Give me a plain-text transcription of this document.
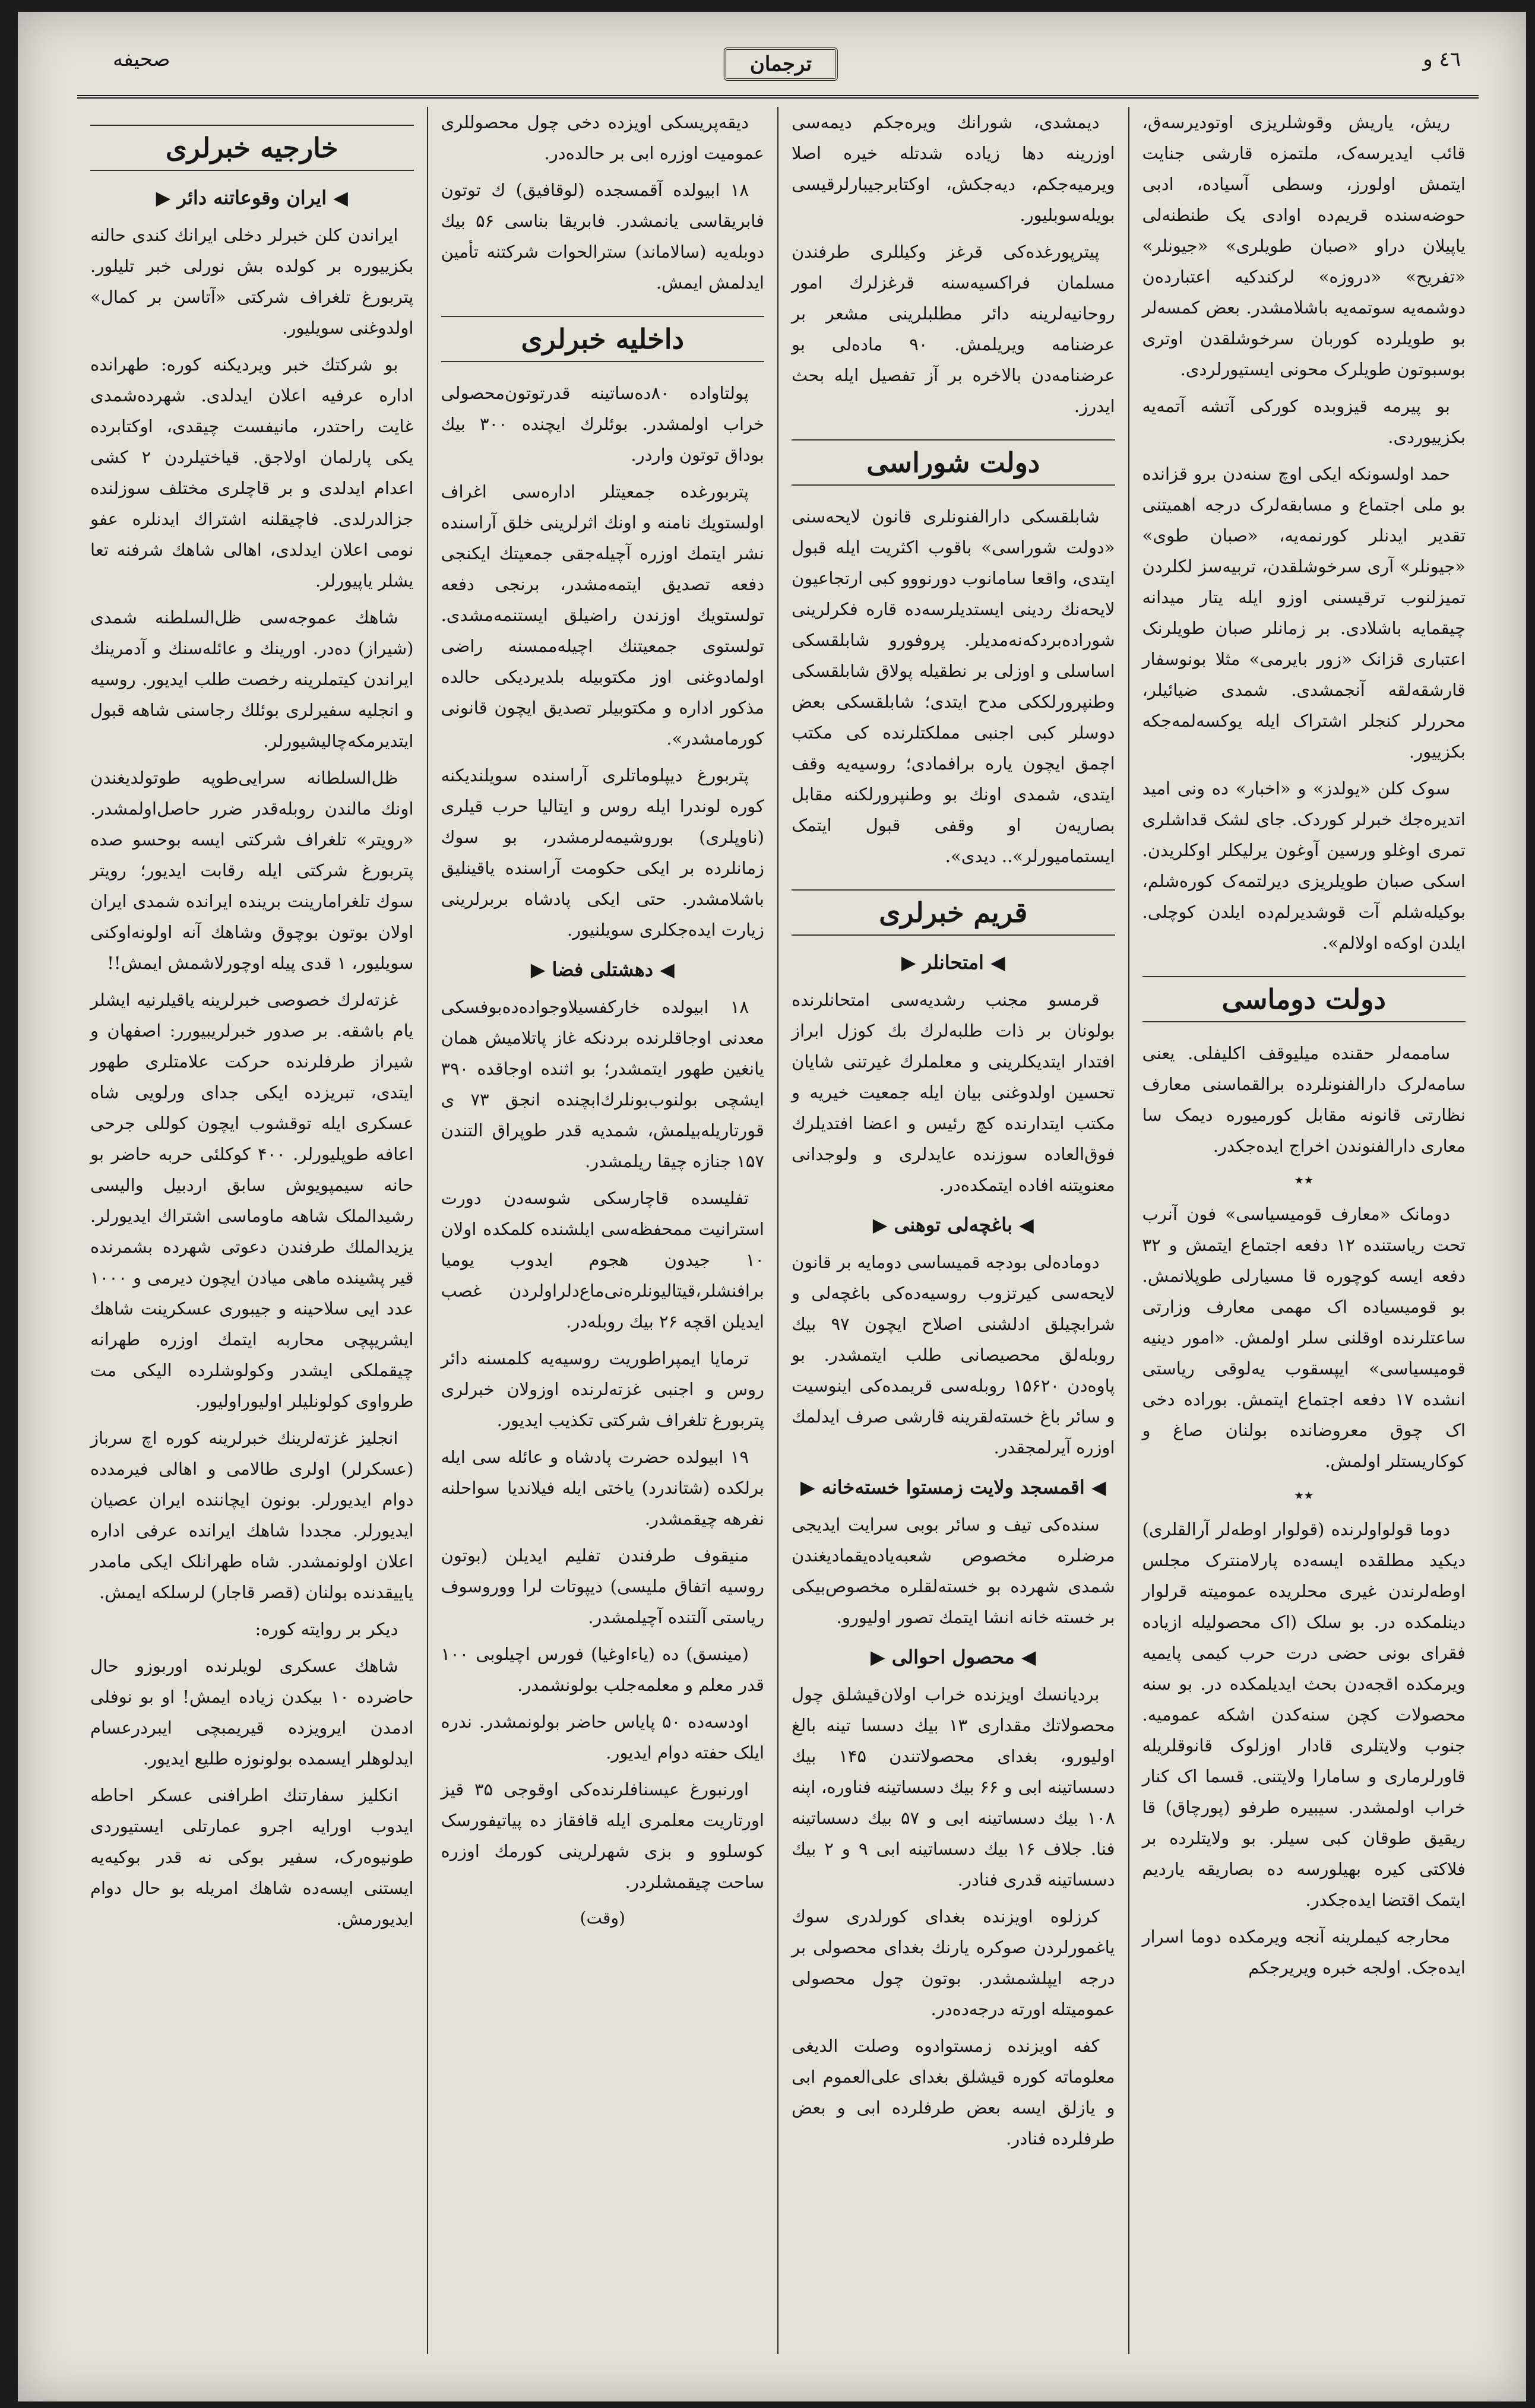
٤٦ و
ترجمان
صحيفه
ریش، یاریش وقوشلریزی اوتودیرسه‌ق، قائب ایدیرسه‌ک، ملتمزه قارشی جنایت ایتمش اولورز، وسطی آسیاده، ادبی حوضه‌سنده قریم‌ده اوادی یک طنطنه‌لی یاپیلان دراو «صبان طویلری» «جیونلر» «تفریح» «دروزه» لرکندکیه اعتبارده‌ن دوشمه‌یه سوتمه‌یه باشلامشدر. بعض کمسه‌لر بو طویلرده کوربان سرخوشلقدن اوتری بوسبوتون طویلرک محونی ایستیورلردی.
بو پیرمه قیزوبده کورکی آتشه آتمه‌یه بکزییوردی.
حمد اولسونکه ایکی اوچ سنه‌دن برو قزانده بو ملی اجتماع و مسابقه‌لرک درجه اهمیتنی تقدیر ایدنلر کورنمه‌یه، «صبان طوی» «جیونلر» آری سرخوشلقدن، تربیه‌سز لکلردن تمیزلنوب ترقیسنی اوزو ایله یتار میدانه چیقمایه باشلادی. بر زمانلر صبان طویلرنک اعتباری قزانک «زور بایرمی» مثلا بونوسفار قارشقه‌لقه آنجمشدی. شمدی ضیائیلر، محررلر کنجلر اشتراک ایله یوکسه‌لمه‌جکه بکزییور.
سوک کلن «یولدز» و «اخبار» ده ونی اميد اتدیره‌جك خبرلر کوردک. جای لشک قداشلری تمری اوغلو ورسین آوغون یرلیکلر اوکلریدن. اسکی صبان طویلریزی دیرلتمه‌ک کوره‌شلم، بوکیله‌شلم آت قوشدیرلم‌ده ایلدن کوچلی. ایلدن اوکه‌ه اولالم».
دولت دوماسی
ساممه‌لر حقنده میلیوقف اکلیفلی. یعنی سامه‌لرک دارالفنونلرده برالقماسنی معارف نظارتی قانونه مقابل کورمیوره دیمک سا معاری دارالفنوندن اخراج ایده‌جکدر.
٭٭
دومانک «معارف قومیسیاسی» فون آنرب تحت ریاستنده ۱۲ دفعه اجتماع ایتمش و ۳۲ دفعه ایسه کوچوره قا مسیارلی طوپلانمش. بو قومیسیاده اک مهمی معارف وزارتی ساعتلرنده اوقلنی سلر اولمش. «امور دینیه قومیسیاسی» ایپسقوب یه‌لوقی ریاستی انشده ۱۷ دفعه اجتماع ایتمش. بوراده دخی اک چوق معروضانده بولنان صاغ و کوکاریستلر اولمش.
٭٭
دوما قولواولرنده (قولوار اوطه‌لر آرالقلری) دیکید مطلقده ایسه‌ده پارلامنترک مجلس اوطه‌لرندن غیری محلریده عمومیته قرلوار دینلمکده در. بو سلک (اک محصولیله ازیاده فقرای بونی حضی درت حرب کیمی پایمیه ویرمکده اقجه‌دن بحث ایدیلمکده در. بو سنه محصولات کچن سنه‌کدن اشکه عمومیه. جنوب ولایتلری قادار اوزلوک قانوقلریله قاورلرماری و سامارا ولایتنی. قسما اک کنار خراب اولمشدر. سیبیره طرفو (پورچاق) قا ریقیق طوقان کبی سیلر. بو ولایتلرده بر فلاکتی کیره بهیلورسه ده بصاریقه یاردیم ایتمک اقتضا ایده‌جکدر.
محارجه کیملرینه آنجه ویرمکده دوما اسرار ایده‌جک. اولجه خبره ویریرجکم
دیمشدی، شورانك ویره‌جكم دیمه‌سی اوزرینه دها زیاده شدتله خیره اصلا ویرمیه‌جکم، دیه‌جکش، اوکتابرجیبارلرقیسی بویله‌سوبلیور.
پیترپورغده‌کی قرغز وکیللری طرفندن مسلمان فراکسیه‌سنه قرغزلرك امور روحانیه‌لرینه دائر مطلبلرینی مشعر بر عرضنامه ویریلمش. ۹۰ ماده‌لی بو عرضنامه‌دن بالاخره بر آز تفصیل ایله بحث ایدرز.
دولت شوراسی
شابلقسکی دارالفنونلری قانون لایحه‌سنی «دولت شوراسی» باقوب اکثریت ایله قبول ایتدی، واقعا سامانوب دورنووو کبی ارتجاعیون لایحه‌نك ردینی ایستدیلرسه‌ده قاره فکرلرینی شوراده‌بردکه‌نه‌مدیلر. پروفورو شابلقسکی اساسلی و اوزلی بر نطقیله پولاق شابلقسکی وطنپرورلککی مدح ایتدی؛ شابلقسکی بعض دوسلر کبی اجنبی مملکتلرنده کی مکتب اچمق ایچون یاره برافمادی؛ روسیه‌یه وقف ایتدی، شمدی اونك بو وطنپرورلکنه مقابل بصاریه‌ن او وقفی قبول ایتمک ایستمامیورلر».. دیدی».
قریم خبرلری
◀ امتحانلر ▶
قرمسو مجنب رشدیه‌سی امتحانلرنده بولونان بر ذات طلبه‌لرك بك کوزل ابراز افتدار ایتدیکلرینی و معلملرك غیرتنی شایان تحسین اولدوغنی بیان ایله جمعیت خیریه و مکتب ایتدارنده کچ رئیس و اعضا افتدیلرك فوق‌العاده سوزنده عایدلری و ولوجدانی معنویتنه افاده ایتمکده‌در.
◀ باغچه‌لی توهنی ▶
دوماده‌لی بودجه قمیساسی دومایه بر قانون لایحه‌سی کیرتزوب روسیه‌ده‌کی باغچه‌لی و شرابچیلق ادلشنی اصلاح ایچون ۹۷ بیك روبله‌لق محصیصانی طلب ایتمشدر. بو پاوه‌دن ۱۵۶۲۰ روبله‌سی قریمده‌کی اینوسیت و سائر باغ خسته‌لقرینه قارشی صرف ایدلمك اوزره آیرلمجقدر.
◀ اقمسجد ولایت زمستوا خسته‌خانه ▶
سنده‌کی تیف و سائر بوبی سرایت ایدیجی مرضلره مخصوص شعبه‌یاده‌یقمادیغندن شمدی شهرده بو خسته‌لقلره مخصوص‌بیکی بر خسته خانه انشا ایتمك تصور اولیورو.
◀ محصول احوالی ▶
بردیانسك اویزنده خراب اولان‌قیشلق چول محصولاتك مقداری ۱۳ بیك دسسا تینه بالغ اولیورو، بغدای محصولاتندن ۱۴۵ بیك دسساتینه ابی و ۶۶ بیك دسساتینه فناوره، اپنه ۱۰۸ بیك دسساتینه ابی و ۵۷ بیك دسساتینه فنا. جلاف ۱۶ بیك دسساتینه ابی ۹ و ۲ بیك دسساتینه قدری فنادر.
کرزلوه اویزنده بغدای کورلدری سوك یاغمورلردن صوکره یارنك بغدای محصولی بر درجه ایپلشمشدر. بوتون چول محصولی عمومیتله اورته درجه‌ده‌در.
کفه اویزنده زمستوادوه وصلت الدیغی معلوماته کوره قیشلق بغدای علی‌العموم ابی و یازلق ایسه بعض طرفلرده ابی و بعض طرفلرده فنادر.
دیقه‌پریسکی اویزده دخی چول محصوللری عمومیت اوزره ابی بر حالده‌در.
۱۸ ابیولده آقمسجده (لوقافیق) ك توتون فابریقاسی یانمشدر. فابریقا بناسی ۵۶ بیك دوبله‌یه (سالاماند) سترالحوات شرکتنه تأمین ایدلمش ایمش.
داخلیه خبرلری
پولتاواده ۸۰ده‌ساتینه قدرتوتون‌محصولی خراب اولمشدر. بوئلرك ایچنده ۳۰۰ بیك بوداق توتون واردر.
پتربورغده جمعیتلر اداره‌سی اغراف اولستویك نامنه و اونك اثرلرینی خلق آراسنده نشر ایتمك اوزره آچیله‌جقی جمعیتك ایکنجی دفعه تصدیق ایتمه‌مشدر، برنجی دفعه تولستویك اوزندن راضیلق ایستنمه‌مشدی. تولستوی جمعیتنك اچیله‌ممسنه راضی اولمادوغنی اوز مکتوبیله بلدیردیکی حالده مذکور اداره و مکتوبیلر تصدیق ایچون قانونی کورمامشدر».
پتربورغ دیپلوماتلری آراسنده سویلندیکنه کوره لوندرا ایله روس و ایتالیا حرب قیلری (ناوپلری) بوروشیمه‌لرمشدر، بو سوك زمانلرده بر ایکی حکومت آراسنده یاقینلیق باشلامشدر. حتی ایکی پادشاه بربرلرینی زیارت ایده‌جکلری سویلنیور.
◀ دهشتلی فضا ▶
۱۸ ابیولده خارکفسیلاوجواده‌ده‌بوفسکی معدنی اوجاقلرنده بردنکه غاز پاتلامیش همان یانغین طهور ایتمشدر؛ بو اثنده اوجاقده ۳۹۰ ایشچی بولنوب‌بونلرك‌ابچنده انجق ۷۳ ی قورتاریله‌بیلمش، شمدیه قدر طوپراق التندن ۱۵۷ جنازه چیقا ریلمشدر.
تفلیسده قاچارسکی شوسه‌دن دورت استرانیت ممحفظه‌سی ایلشنده کلمکده اولان ۱۰ جیدون هجوم ایدوب یومیا برافنشلر،قیتالیونلره‌نی‌ماع‌دلراولردن غصب ایدیلن اقچه ۲۶ بیك روبله‌در.
ترمایا ایمپراطوریت روسیه‌یه کلمسنه دائر روس و اجنبی غزته‌لرنده اوزولان خبرلری پتربورغ تلغراف شرکتی تکذیب ایدیور.
۱۹ ابیولده حضرت پادشاه و عائله‌ سی ایله برلکده (شتاندرد) یاختی ایله فیلاندیا سواحلنه نفرهه چیقمشدر.
منیقوف طرفندن تفلیم ایدیلن (بوتون روسیه اتفاق ملیسی) دیپوتات لرا ووروسوف ریاستی آلتنده آچیلمشدر.
(مینسق) ده (یاءاوغیا) فورس اچیلوبی ۱۰۰ قدر معلم و معلمه‌جلب بولونشمدر.
اودسه‌ده‌ ۵۰ پایاس حاضر بولونمشدر. ندره ایلک حفته دوام ایدیور.
اورنبورغ عیسنافلرنده‌کی اوقوجی ۳۵ قیز اورتاریت معلمری ایله قافقاز ده پیاتیفورسک کوسلوو و بزی شهرلرینی کورمك اوزره ساحت چیقمشلردر.
(وقت)
خارجیه خبرلری
◀ ایران وقوعاتنه دائر ▶
ایراندن کلن خبرلر دخلی ایرانك کندی حالنه بکزییوره بر کولده بش نورلی خبر تلیلور. پتربورغ تلغراف شرکتی «آتاسن بر کمال» اولدوغنی سویلیور.
بو شرکتك خبر ویردیکنه کوره: طهرانده اداره عرفیه اعلان ایدلدی. شهرده‌شمدی غایت راحتدر، مانیفست چیقدی، اوکتابرده یکی پارلمان اولاجق. قیاختیلردن ۲ کشی اعدام ایدلدی و بر قاچلری مختلف سوزلنده جزالدرلدی. فاچیقلنه اشتراك ایدنلره عفو نومی اعلان ایدلدی، اهالی شاهك شرفنه تعا یشلر یاپیورلر.
شاهك عموجه‌سی ظل‌السلطنه شمدی (شیراز) ده‌در. اورینك و عائله‌سنك و آدمرینك ایراندن کیتملرینه رخصت طلب ایدیور. روسیه و انجلیه سفیرلری بوئلك رجاسنی شاهه قبول ایتدیرمکه‌چالیشیورلر.
ظل‌السلطانه سرایی‌طوپه طوتولدیغندن اونك مالندن روبله‌قدر ضرر حاصل‌اولمشدر. «رویتر» تلغراف شرکتی ایسه بوحسو صده پتربورغ شرکتی ایله رقابت ایدیور؛ رویتر سوك تلغرامارینت برینده ایرانده شمدی ایران اولان بوتون بوچوق‌ وشاهك آنه اولونه‌اوکنی سویلیور، ۱ قدی‌ پیله اوچورلاشمش ایمش!!
غزته‌لرك خصوصی خبرلرینه یاقیلرنیه ایشلر یام باشقه. بر صدور خبرلریبیورر: اصفهان و شیراز طرفلرنده حرکت علامتلری طهور ایتدی، تبریزده ایکی جدای ورلویی شاه عسکری ایله توقشوب ایچون کوللی جرحی اعافه طوپلیورلر. ۴۰۰ کوکلئی حربه حاضر بو حانه سیمپویوش سابق اردبیل والیسی رشیدالملک شاهه ماوماسی اشتراك ایدیورلر. یزیدالملك طرفندن دعوتی شهرده بشمرنده قیر پشینده ماهی میادن ایچون دیرمی و ۱۰۰۰ عدد ایی سلاحینه و جیبوری عسکرینت شاهك ایشریپچی محاربه ایتمك اوزره طهرانه چیقملکی ایشدر وکولوشلرده الیکی مت طرواوی کولونلیلر اولیوراولیور.
انجلیز غزته‌لرینك خبرلرینه کوره اچ سرباز (عسکرلر) اولری طالامی و اهالی فیرمدده دوام ایدیورلر. بونون ایچاننده ایران عصیان ایدیورلر. مجددا شاهك ایرانده عرفی اداره اعلان اولونمشدر. شاه طهرانلک ایکی مامدر یاییقدنده بولنان (قصر قاجار) لرسلکه ایمش.
دیکر بر روایته کوره:
شاهك عسکری لویلرنده اوربوزو حال حاضرده ۱۰ بیکدن زیاده ایمش! او بو نوفلی ادمدن ایرویزده قیریمبچی ایبردرعسام ایدلوهلر ایسمده بولونوزه طلیع ایدیور.
انکلیز سفارتنك اطرافنی عسکر احاطه ایدوب اورایه اجرو عمارتلی ایستیوردی طونیوه‌رک، سفیر بوکی نه قدر بوکیه‌یه ایستنی ایسه‌ده شاهك امریله بو حال دوام ایدیورمش.
